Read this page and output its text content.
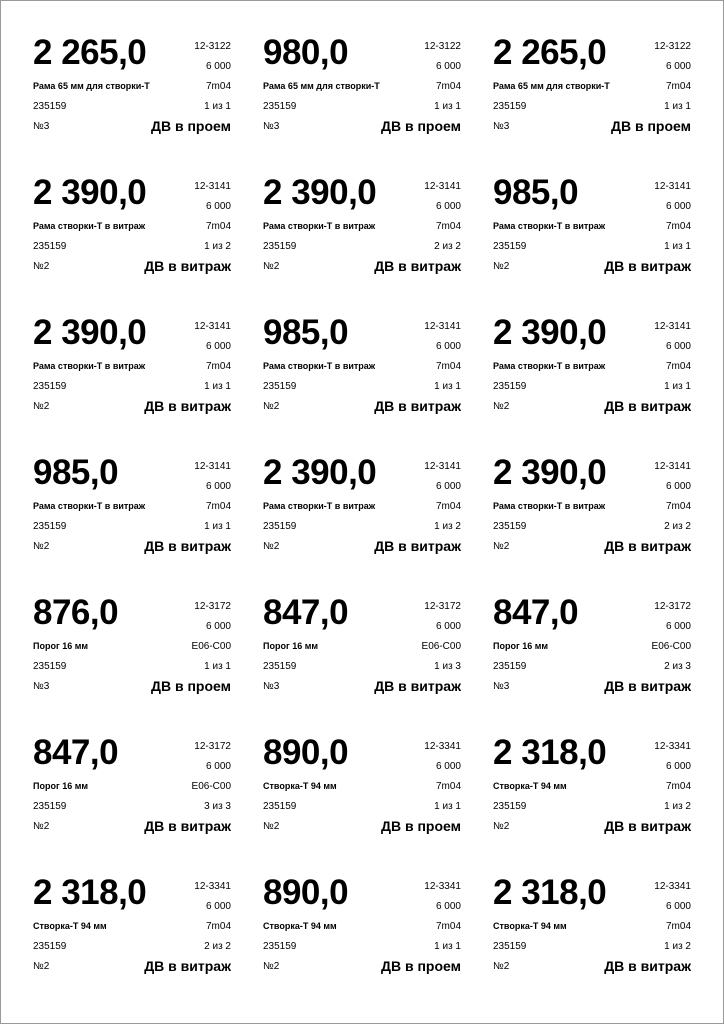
2 265,0	12-3122
6 000
Рама 65 мм для створки-Т	7m04
235159	1 из 1
№3	ДВ в проем
980,0	12-3122
6 000
Рама 65 мм для створки-Т	7m04
235159	1 из 1
№3	ДВ в проем
2 265,0	12-3122
6 000
Рама 65 мм для створки-Т	7m04
235159	1 из 1
№3	ДВ в проем
2 390,0	12-3141
6 000
Рама створки-Т в витраж	7m04
235159	1 из 2
№2	ДВ в витраж
2 390,0	12-3141
6 000
Рама створки-Т в витраж	7m04
235159	2 из 2
№2	ДВ в витраж
985,0	12-3141
6 000
Рама створки-Т в витраж	7m04
235159	1 из 1
№2	ДВ в витраж
2 390,0	12-3141
6 000
Рама створки-Т в витраж	7m04
235159	1 из 1
№2	ДВ в витраж
985,0	12-3141
6 000
Рама створки-Т в витраж	7m04
235159	1 из 1
№2	ДВ в витраж
2 390,0	12-3141
6 000
Рама створки-Т в витраж	7m04
235159	1 из 1
№2	ДВ в витраж
985,0	12-3141
6 000
Рама створки-Т в витраж	7m04
235159	1 из 1
№2	ДВ в витраж
2 390,0	12-3141
6 000
Рама створки-Т в витраж	7m04
235159	1 из 2
№2	ДВ в витраж
2 390,0	12-3141
6 000
Рама створки-Т в витраж	7m04
235159	2 из 2
№2	ДВ в витраж
876,0	12-3172
6 000
Порог 16 мм	E06-C00
235159	1 из 1
№3	ДВ в проем
847,0	12-3172
6 000
Порог 16 мм	E06-C00
235159	1 из 3
№3	ДВ в витраж
847,0	12-3172
6 000
Порог 16 мм	E06-C00
235159	2 из 3
№3	ДВ в витраж
847,0	12-3172
6 000
Порог 16 мм	E06-C00
235159	3 из 3
№2	ДВ в витраж
890,0	12-3341
6 000
Створка-Т 94 мм	7m04
235159	1 из 1
№2	ДВ в проем
2 318,0	12-3341
6 000
Створка-Т 94 мм	7m04
235159	1 из 2
№2	ДВ в витраж
2 318,0	12-3341
6 000
Створка-Т 94 мм	7m04
235159	2 из 2
№2	ДВ в витраж
890,0	12-3341
6 000
Створка-Т 94 мм	7m04
235159	1 из 1
№2	ДВ в проем
2 318,0	12-3341
6 000
Створка-Т 94 мм	7m04
235159	1 из 2
№2	ДВ в витраж
